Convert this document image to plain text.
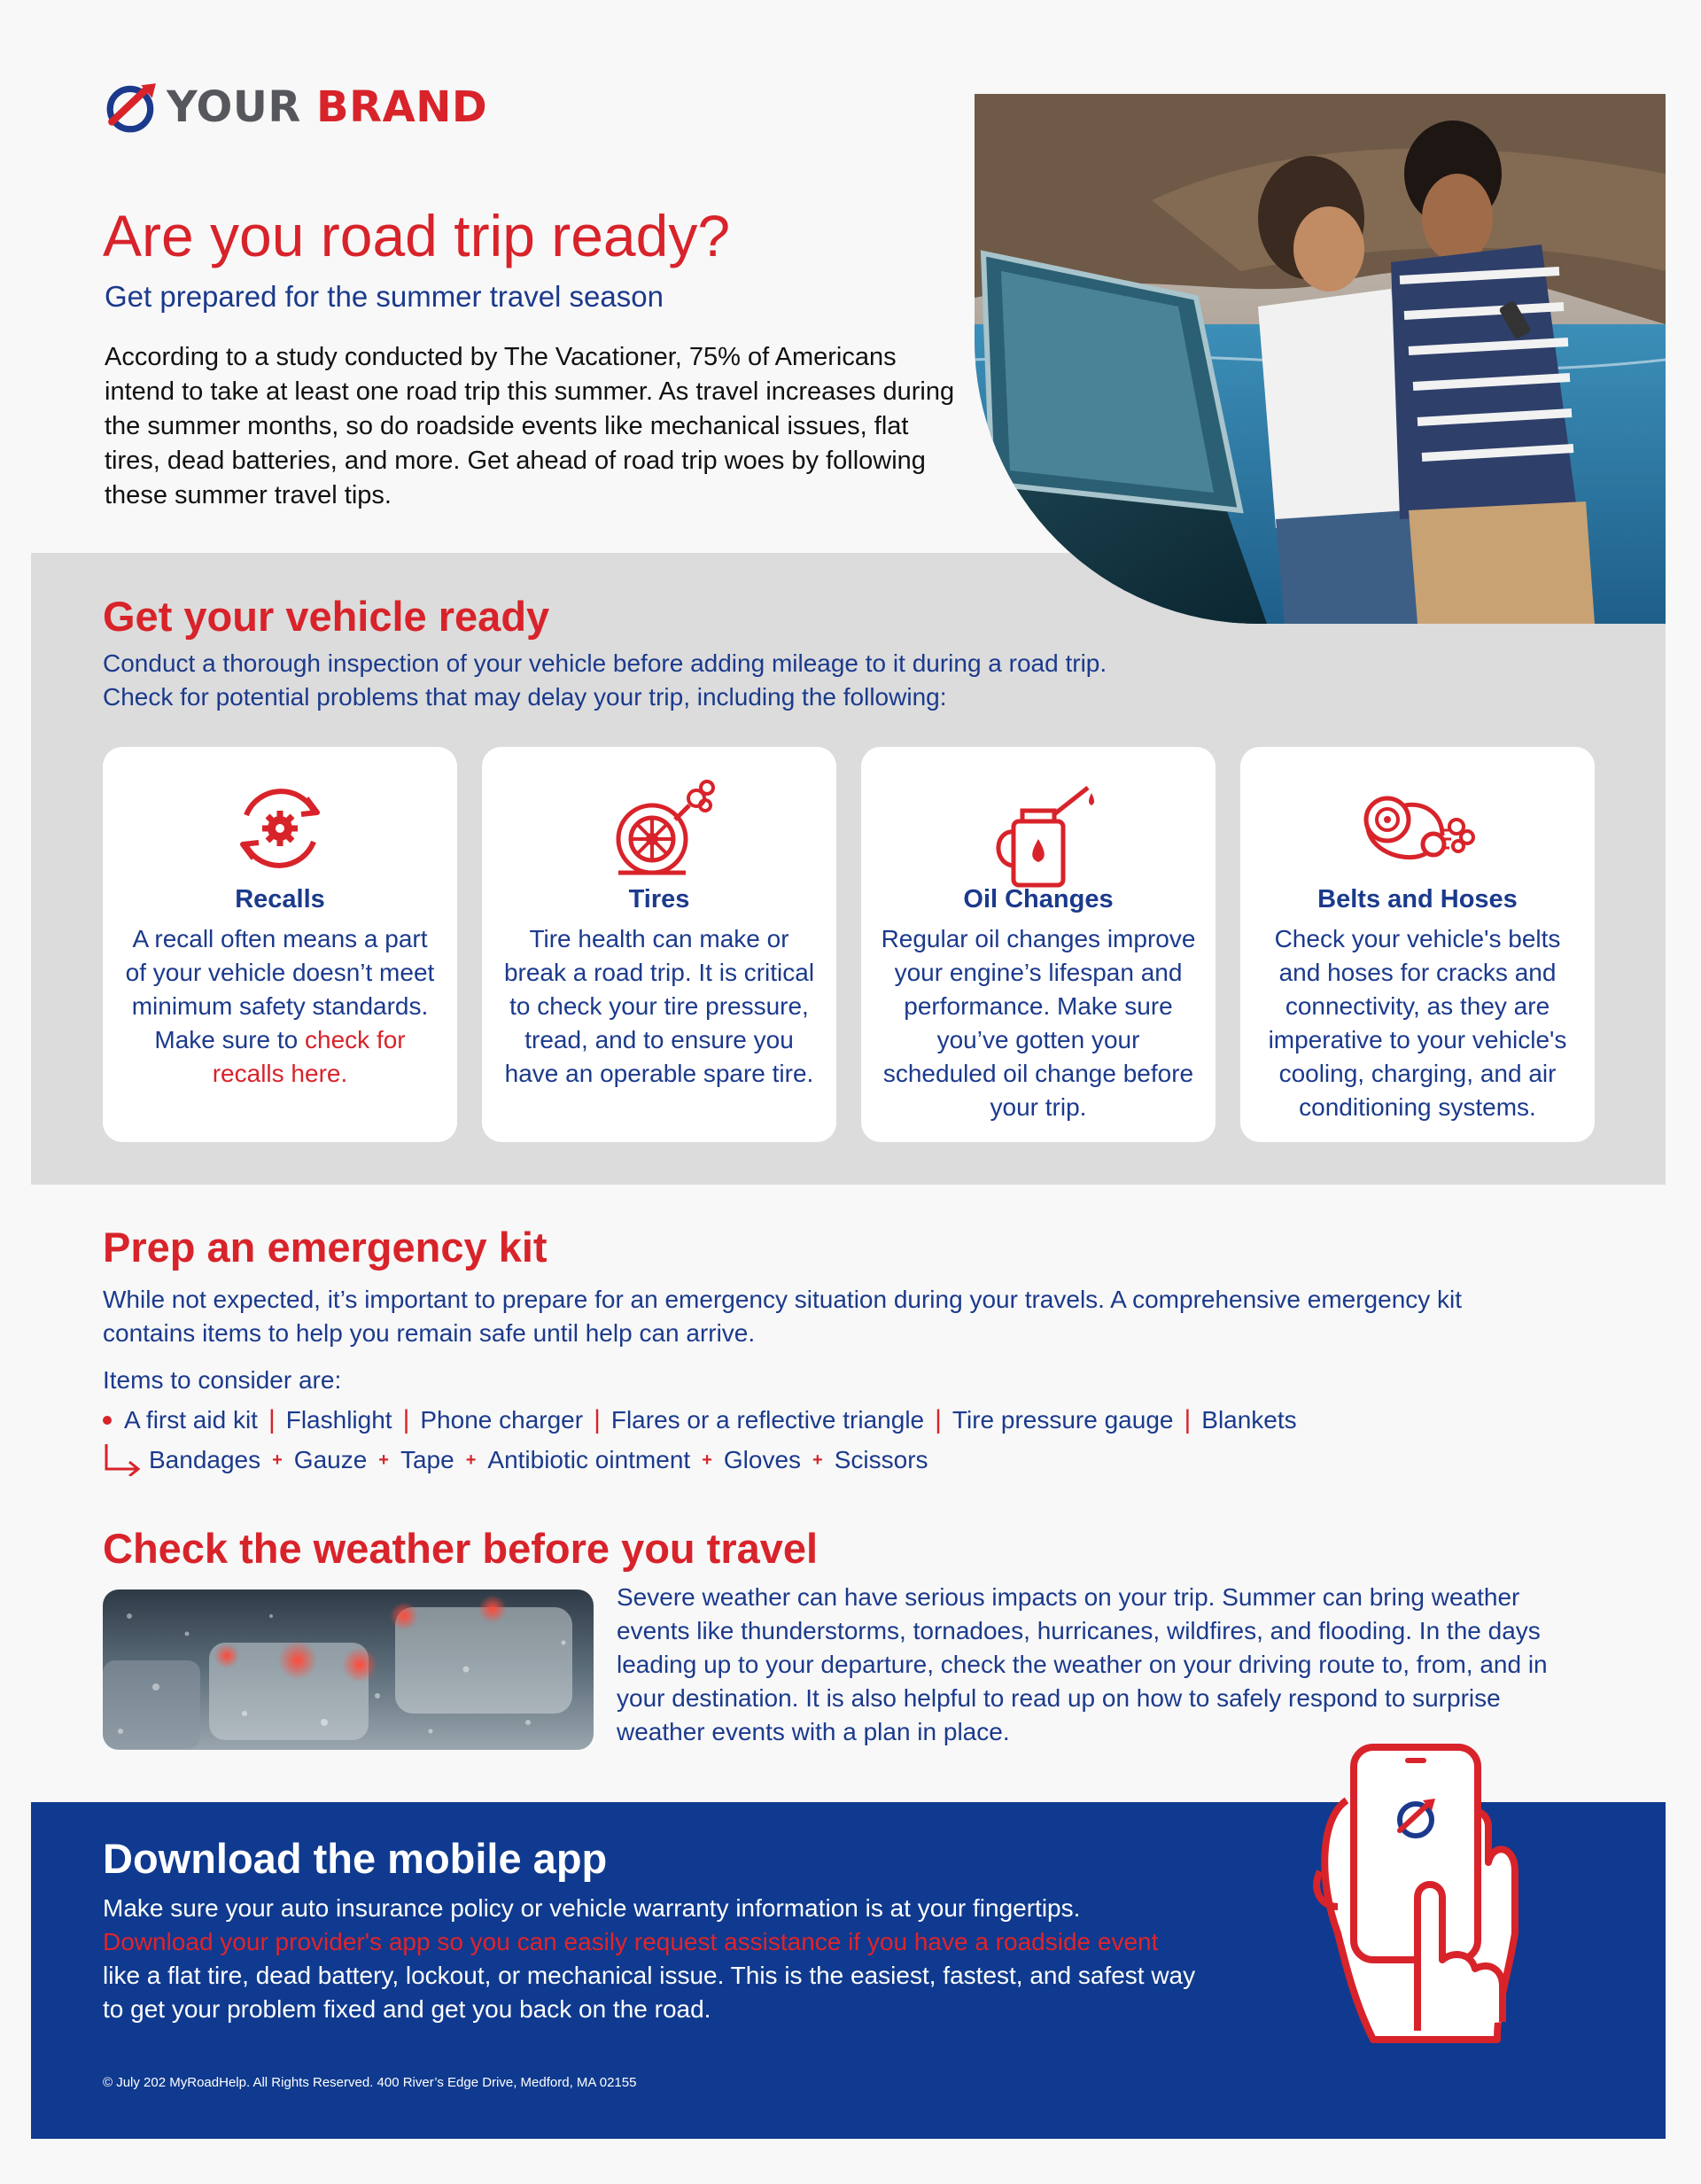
YOUR BRAND
Are you road trip ready?
Get prepared for the summer travel season

According to a study conducted by The Vacationer, 75% of Americans intend to take at least one road trip this summer. As travel increases during the summer months, so do roadside events like mechanical issues, flat tires, dead batteries, and more. Get ahead of road trip woes by following these summer travel tips.

Get your vehicle ready

Conduct a thorough inspection of your vehicle before adding mileage to it during a road trip. Check for potential problems that may delay your trip, including the following:

Recalls
A recall often means a part of your vehicle doesn’t meet minimum safety standards. Make sure to check for recalls here.
Tires
Tire health can make or break a road trip. It is critical to check your tire pressure, tread, and to ensure you have an operable spare tire.
Oil Changes
Regular oil changes improve your engine’s lifespan and performance. Make sure you’ve gotten your scheduled oil change before your trip.
Belts and Hoses
Check your vehicle's belts and hoses for cracks and connectivity, as they are imperative to your vehicle's cooling, charging, and air conditioning systems.
Prep an emergency kit

While not expected, it’s important to prepare for an emergency situation during your travels. A comprehensive emergency kit contains items to help you remain safe until help can arrive.

Items to consider are:
A first aid kit | Flashlight | Phone charger | Flares or a reflective triangle | Tire pressure gauge | Blankets
Bandages + Gauze + Tape + Antibiotic ointment + Gloves + Scissors
Check the weather before you travel

Severe weather can have serious impacts on your trip. Summer can bring weather events like thunderstorms, tornadoes, hurricanes, wildfires, and flooding. In the days leading up to your departure, check the weather on your driving route to, from, and in your destination. It is also helpful to read up on how to safely respond to surprise weather events with a plan in place.

Download the mobile app

Make sure your auto insurance policy or vehicle warranty information is at your fingertips.
Download your provider's app so you can easily request assistance if you have a roadside event
like a flat tire, dead battery, lockout, or mechanical issue. This is the easiest, fastest, and safest way to get your problem fixed and get you back on the road.

© July 202 MyRoadHelp. All Rights Reserved. 400 River’s Edge Drive, Medford, MA 02155
